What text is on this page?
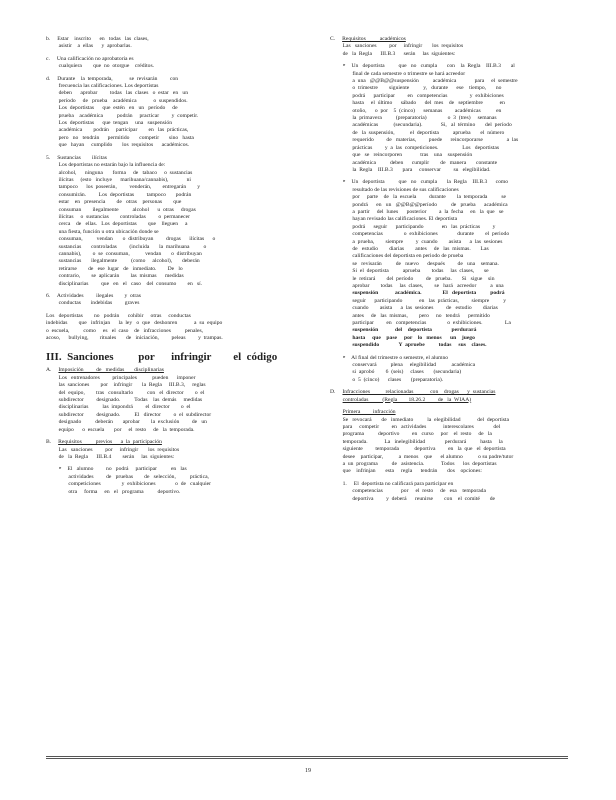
b.     Estar    inscrito      en   todas   las  clases,

asistir    a  ellas      y  aprobarlas.

c.     Una calificación no aprobatoria es

cualquiera        que  no  otorgue    créditos.

d.     Durante    la  temporada,            se  revisarán         con

frecuencia las calificaciones. Los deportistas

deben      aprobar         todas   las  clases   o  estar   en   un

período     de   prueba    académica            o  suspendidos.

Los  deportistas      que  estén   en   un   período     de

prueba    académica          podrán     practicar         y  competir.

Los  deportistas      que  tengan     una   suspensión

académica        podrán     participar        en   las  prácticas,

pero   no   tendrán      permitido       competir       sino   hasta

que   hayan     cumplido       los  requisitos      académicos.

5.     Sustancias        ilícitas

Los deportistas no estarán bajo la influencia de:

alcohol,      ninguna       forma     de   tabaco     o  sustancias

ilícitas     (esto   incluye      marihuana/cannabis),             ni

tampoco      los  poseerán,         venderán,        entregarán        y

consumirán.         Los  deportistas         tampoco       podrán

estar    en   presencia        de   otras    personas        que

consuman        ilegalmente          alcohol      u  otras     drogas

ilícitas     o  sustancias        controladas         o  permanecer

cerca    de   ellas.   Los  deportistas        que    lleguen     a

una fiesta, función u otra ubicación donde se

consuman,          vendan       o  distribuyan         drogas      ilícitas      o

sustancias       controladas         (incluida       la  marihuana          o

cannabis),        o  se  consuman,           vendan       o  distribuyan

sustancias       ilegalmente          (como     alcohol),       deberán

retirarse        de   ese  lugar   de   inmediato.        De   lo

contrario,        se  aplicarán        las  mismas      medidas

disciplinarias         que   en   el   caso    del  consumo        en   sí.

6.     Actividades         ilegales        y  otras

conductas       indebidas         graves

Los   deportistas        no   podrán      cohibir     otras     conductas

indebidas        que   infrinjan      la  ley   o  que   deshonren            a  su  equipo

o  escuela,          como     es   el  caso    de   infracciones          penales,

acoso,      bullying,        rituales       de   iniciación,         peleas         y  trampas.

III.  Sanciones         por      infringir        el  código

A.     Imposición         de   medidas       disciplinarias

Los   entrenadores         principales           pueden      imponer

las  sanciones        por    infringir       la  Regla     III.B.3,     reglas

del  equipo,        tras   consultarlo          con   el  director        o  el

subdirector         designado.          Todas    las  demás     medidas

disciplinarias          las  impondrá         el  director        o  el

subdirector         designado.          El   director         o  el  subdirector

designado          deberán       aprobar        la  exclusión         de   un

equipo      o  escuela       por     el  resto     de   la  temporada.

B.     Requisitos          previos      a  la  participación

Las   sanciones         por     infringir       los  requisitos

de   la  Regla      III.B.4        serán     las  siguientes:

‣    El   alumno         no   podrá     participar          en   las

actividades         de   pruebas        de   selección,          práctica,

competiciones               y  exhibiciones              o  de   cualquier

otra     forma     en   el   programa          deportivo.

C.     Requisitos          académicos

Las   sanciones         por     infringir       los  requisitos

de   la  Regla      III.B.3      serán     las  siguientes:

‣    Un   deportista          que   no   cumpla       con    la  Regla    III.B.3       al

final de cada semestre o trimestre se hará acreedor

a  una   @@B@@suspensión          académica             para     el  semestre

o  trimestre        siguiente          y,   durante      ese    tiempo,       no

podrá      participar         en   competencias                y  exhibiciones

hasta     el  último      sábado      del  mes    de   septiembre            en

otoño,      o  por    5  (cinco)      semanas         académicas           en

la  primavera          (preparatoria)               o  3  (tres)     semanas

académicas           (secundaria).             Si,   al  término       del  período

de   la  suspensión,           el  deportista          aprueba       el  número

requerido         de   materias,         puede      reincorporarse                 a  las

prácticas         y  a  las  competiciones.                 Los   deportistas

que   se   reincorporen             tras    una    suspensión

académica          deben      cumplir        de   manera       constante

la  Regla    III.B.3       para     conservar         su   elegibilidad.

‣    Un   deportista          que   no   cumpla       la  Regla    III.B.3      como

resultado de las revisiones de sus calificaciones

por     parte    de   la  escuela         durante        la  temporada          se

pondrá      en   un   @@B@@período          de   prueba      académica

a  partir     del  lunes      posterior         a  la  fecha     en   la  que   se

hayan revisado las calificaciones. El deportista

podrá      seguir      participando             en   las  prácticas         y

competencias               o  exhibiciones              durante        el  periodo

a  prueba,        siempre         y  cuando        asista      a  las  sesiones

de   estudio        diarias        antes     de   las  mismas.       Las

calificaciones del deportista en periodo de prueba

se   revisarán          de   nuevo      después         de   una    semana.

Si  el  deportista          aprueba        todas     las  clases,       se

le  retirará        del  período         de   prueba.       Si   sigue    sin

aprobar        todas     las  clases,        se   hará   acreedor          a  una

suspensión            académica.               El   deportista          podrá

seguir      participando            en   las  prácticas,         siempre          y

cuando        asista      a  las  sesiones         de   estudio        diarias

antes     de   las  mismas,        pero     no   tendrá      permitido

participar         en   competencias               o  exhibiciones.                La

suspensión            del    deportista              perdurará

hasta     que    pase     por    lo   menos      un    juego

suspendido              Y  apruebe          todas     sus    clases.

‣    Al final del trimestre o semestre, el alumno

conservará          plena     elegibilidad           académica

si  aprobó        6  (seis)     clases       (secundaria)

o  5  (cinco)      clases       (preparatoria).

D.     Infracciones           relacionadas            con    drogas      y  sustancias

controladas          (Regla        18.26.2         de   la  WIAA)

Primera         infracción

Se   revocará       de   inmediato          la  elegibilidad            del  deportista

para     competir         en   actividades            interescolares              del

programa          deportivo         en   curso     por    el  resto     de   la

temporada.            La   inelegibilidad              perdurará          hasta     la

siguiente         temporada           deportiva         en   la  que   el  deportista

desee    participar,           a  menos    que      el alumno           o su padre/tutor

a  un  programa          de   asistencia.            Todos      los  deportistas

que    infrinjan       esta     regla      tendrán       dos    opciones:

1.     El  deportista no calificará para participar en

competencias             por     el  resto     de   esa    temporada

deportiva         y  deberá      reunirse        con    el  comité       de

19
